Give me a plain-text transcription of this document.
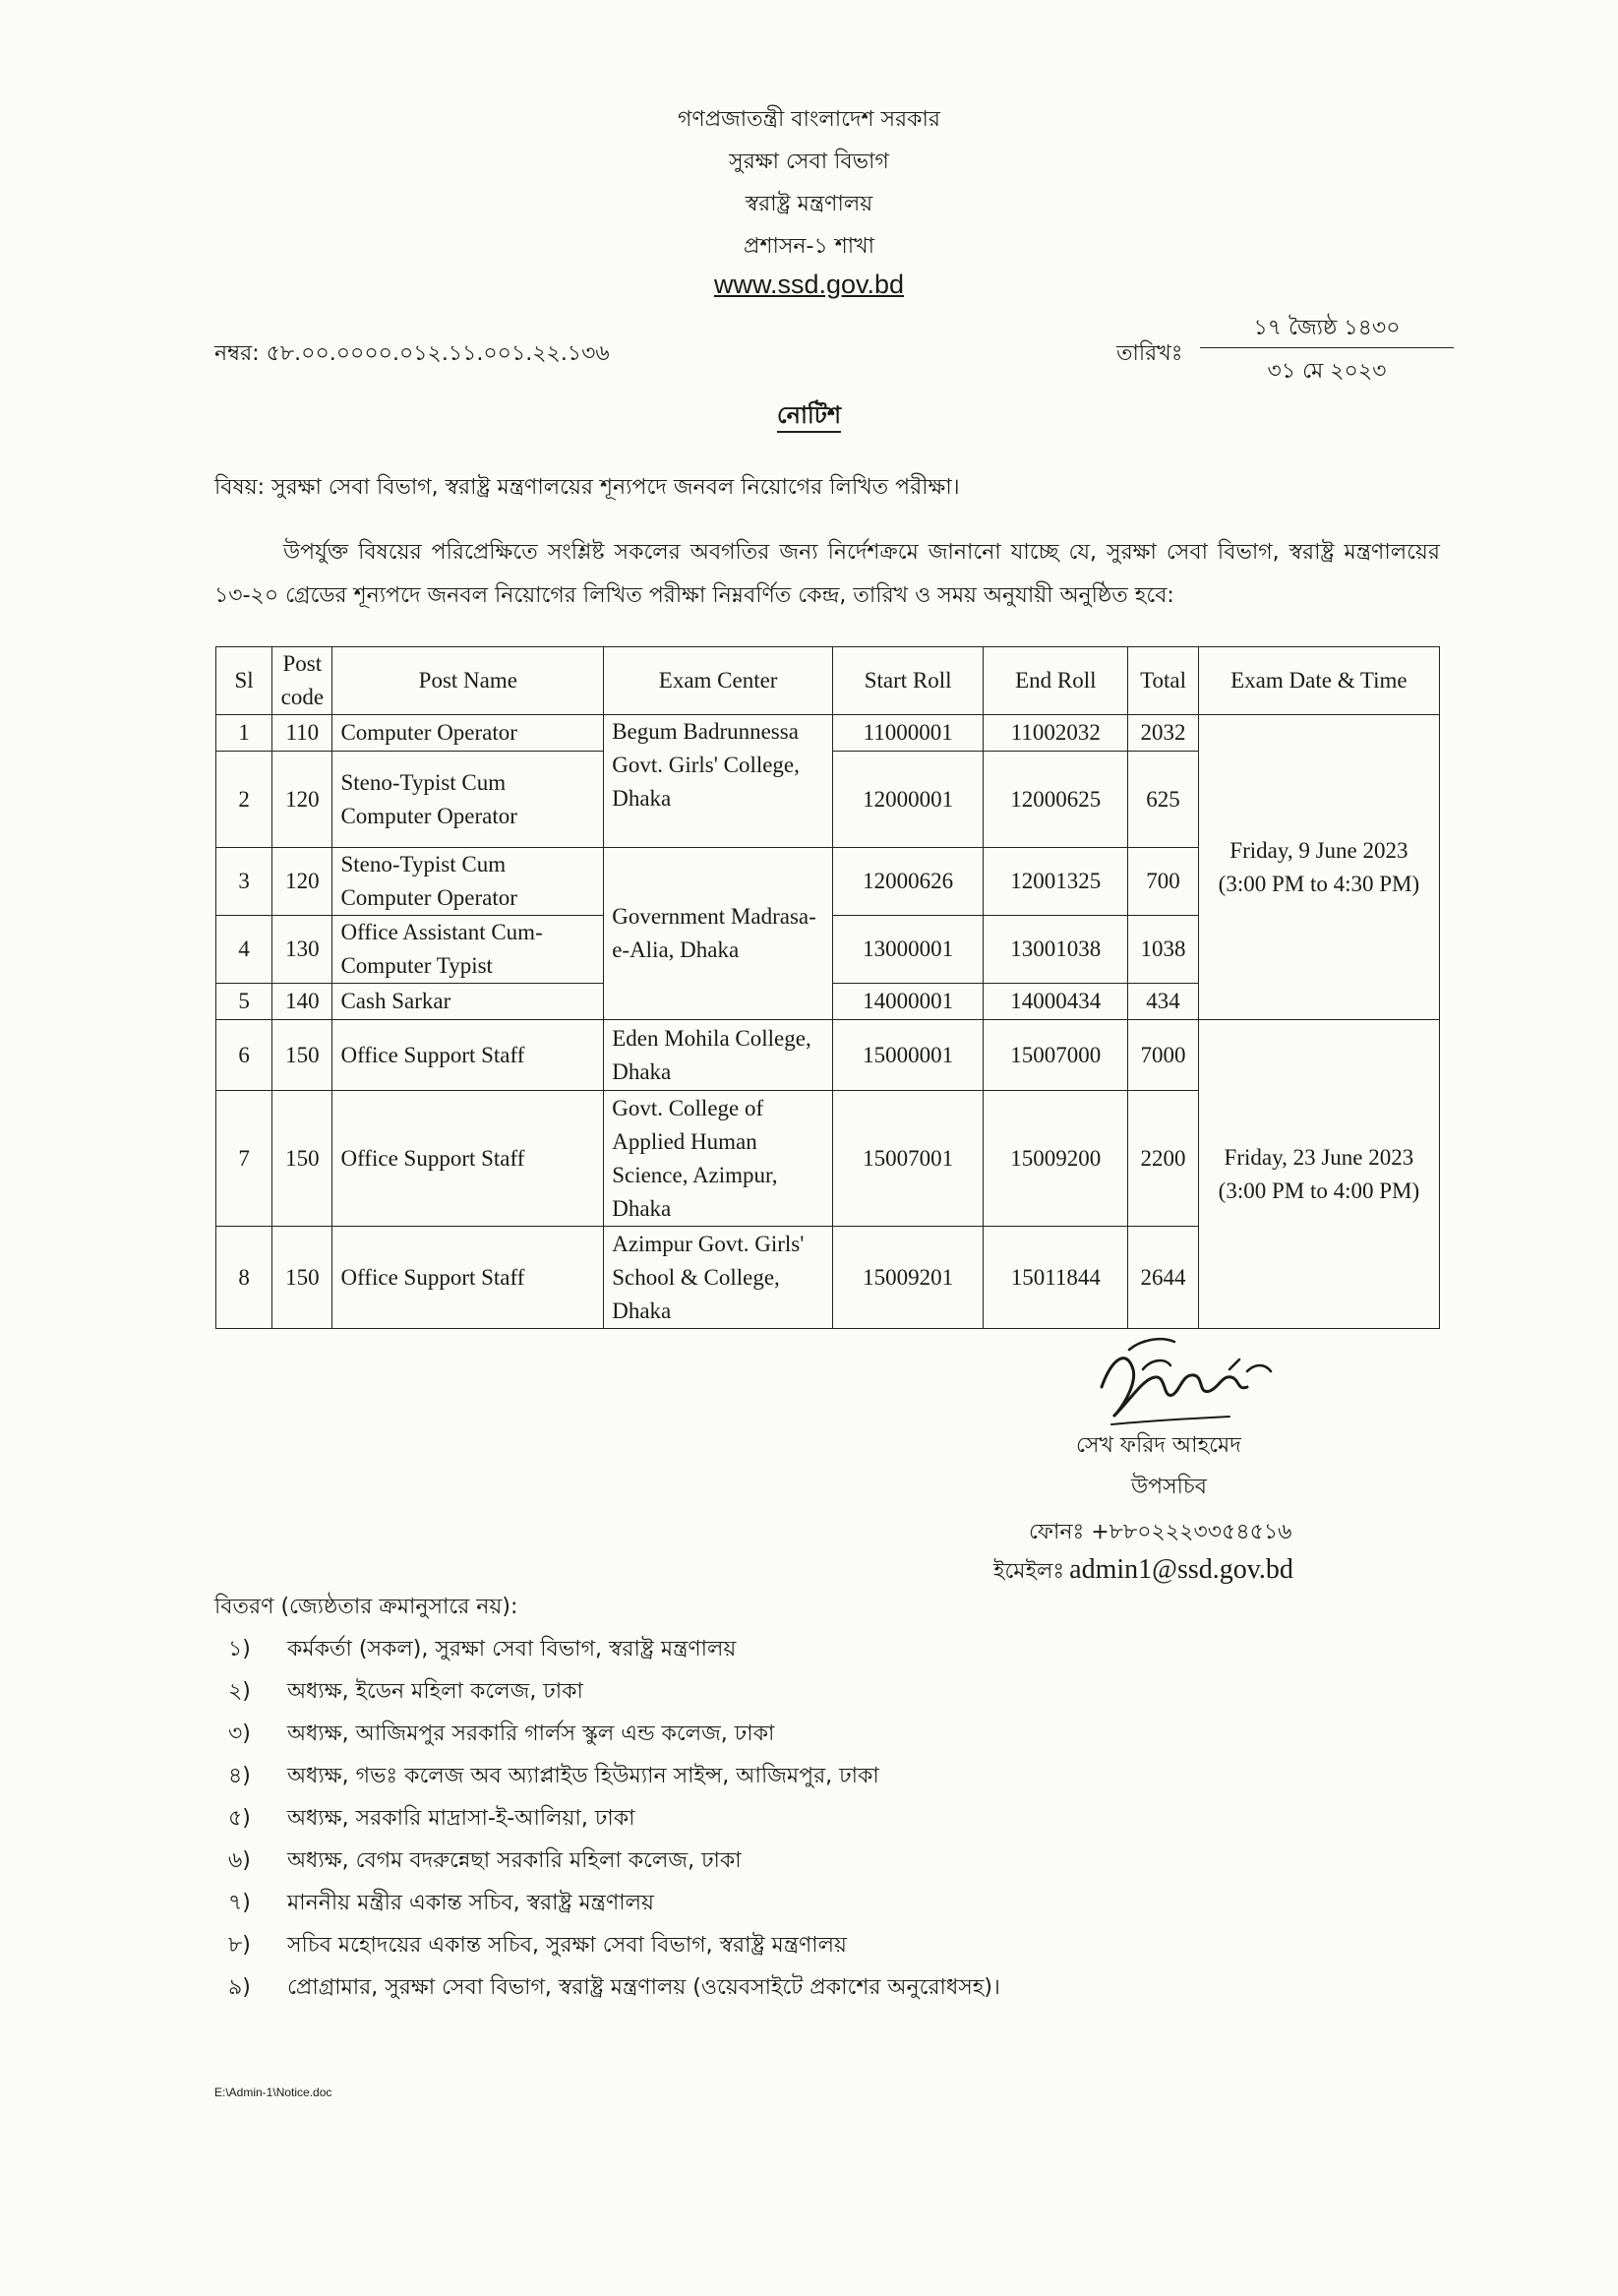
গণপ্রজাতন্ত্রী বাংলাদেশ সরকার
সুরক্ষা সেবা বিভাগ
স্বরাষ্ট্র মন্ত্রণালয়
প্রশাসন-১ শাখা
www.ssd.gov.bd
নম্বর: ৫৮.০০.০০০০.০১২.১১.০০১.২২.১৩৬	তারিখঃ
১৭ জ্যৈষ্ঠ ১৪৩০
৩১ মে ২০২৩
নোটিশ
বিষয়: সুরক্ষা সেবা বিভাগ, স্বরাষ্ট্র মন্ত্রণালয়ের শূন্যপদে জনবল নিয়োগের লিখিত পরীক্ষা।
উপর্যুক্ত বিষয়ের পরিপ্রেক্ষিতে সংশ্লিষ্ট সকলের অবগতির জন্য নির্দেশক্রমে জানানো যাচ্ছে যে, সুরক্ষা সেবা বিভাগ, স্বরাষ্ট্র মন্ত্রণালয়ের ১৩-২০ গ্রেডের শূন্যপদে জনবল নিয়োগের লিখিত পরীক্ষা নিম্নবর্ণিত কেন্দ্র, তারিখ ও সময় অনুযায়ী অনুষ্ঠিত হবে:
Sl	Post code	Post Name	Exam Center	Start Roll	End Roll	Total	Exam Date & Time
1	110	Computer Operator	Begum Badrunnessa Govt. Girls' College, Dhaka	11000001	11002032	2032	Friday, 9 June 2023 (3:00 PM to 4:30 PM)
2	120	Steno-Typist Cum Computer Operator		12000001	12000625	625	
3	120	Steno-Typist Cum Computer Operator	Government Madrasa-e-Alia, Dhaka	12000626	12001325	700	
4	130	Office Assistant Cum-Computer Typist		13000001	13001038	1038	
5	140	Cash Sarkar		14000001	14000434	434	
6	150	Office Support Staff	Eden Mohila College, Dhaka	15000001	15007000	7000	Friday, 23 June 2023 (3:00 PM to 4:00 PM)
7	150	Office Support Staff	Govt. College of Applied Human Science, Azimpur, Dhaka	15007001	15009200	2200	
8	150	Office Support Staff	Azimpur Govt. Girls' School & College, Dhaka	15009201	15011844	2644	
সেখ ফরিদ আহমেদ
উপসচিব
ফোনঃ +৮৮০২২২৩৩৫৪৫১৬
ইমেইলঃ admin1@ssd.gov.bd
বিতরণ (জ্যেষ্ঠতার ক্রমানুসারে নয়):
১) কর্মকর্তা (সকল), সুরক্ষা সেবা বিভাগ, স্বরাষ্ট্র মন্ত্রণালয়
২) অধ্যক্ষ, ইডেন মহিলা কলেজ, ঢাকা
৩) অধ্যক্ষ, আজিমপুর সরকারি গার্লস স্কুল এন্ড কলেজ, ঢাকা
৪) অধ্যক্ষ, গভঃ কলেজ অব অ্যাপ্লাইড হিউম্যান সাইন্স, আজিমপুর, ঢাকা
৫) অধ্যক্ষ, সরকারি মাদ্রাসা-ই-আলিয়া, ঢাকা
৬) অধ্যক্ষ, বেগম বদরুন্নেছা সরকারি মহিলা কলেজ, ঢাকা
৭) মাননীয় মন্ত্রীর একান্ত সচিব, স্বরাষ্ট্র মন্ত্রণালয়
৮) সচিব মহোদয়ের একান্ত সচিব, সুরক্ষা সেবা বিভাগ, স্বরাষ্ট্র মন্ত্রণালয়
৯) প্রোগ্রামার, সুরক্ষা সেবা বিভাগ, স্বরাষ্ট্র মন্ত্রণালয় (ওয়েবসাইটে প্রকাশের অনুরোধসহ)।
E:\Admin-1\Notice.doc
